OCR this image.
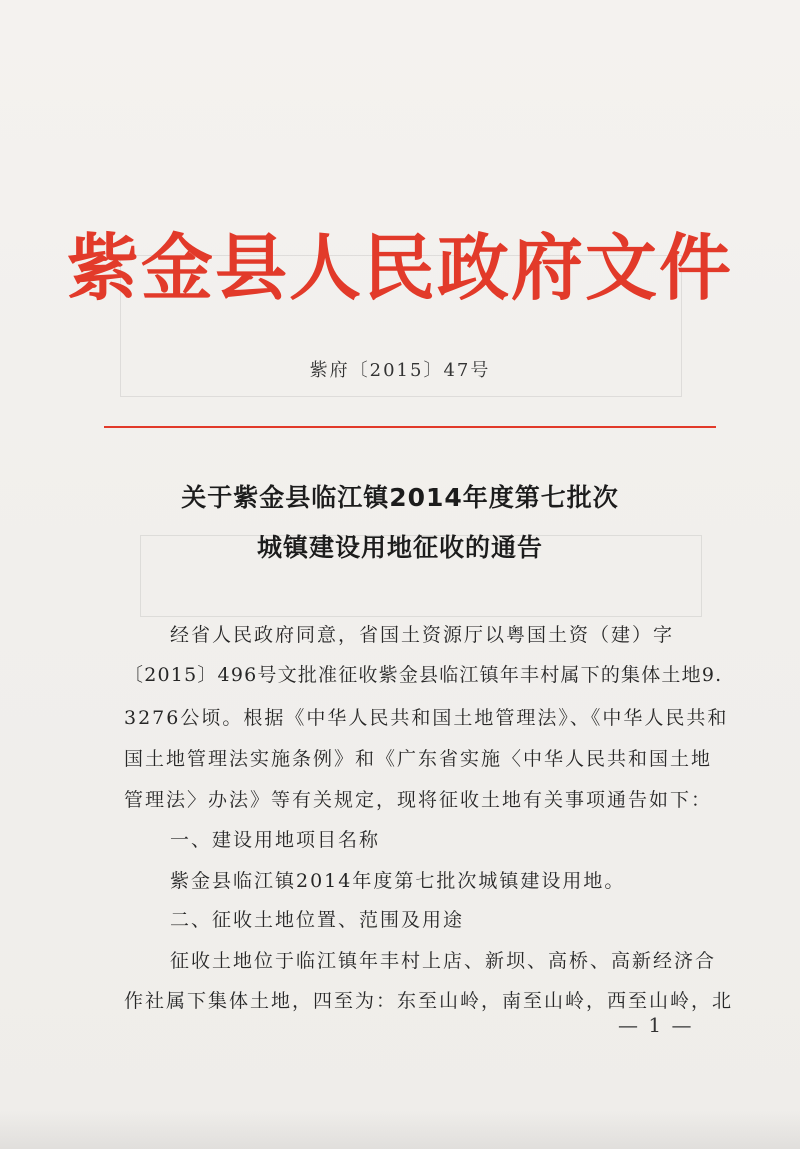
紫金县人民政府文件
紫府〔2015〕47号
关于紫金县临江镇2014年度第七批次
城镇建设用地征收的通告
经省人民政府同意，省国土资源厅以粤国土资（建）字
〔2015〕496号文批准征收紫金县临江镇年丰村属下的集体土地9.
3276公顷。根据《中华人民共和国土地管理法》、《中华人民共和
国土地管理法实施条例》和《广东省实施〈中华人民共和国土地
管理法〉办法》等有关规定，现将征收土地有关事项通告如下：
一、建设用地项目名称
紫金县临江镇2014年度第七批次城镇建设用地。
二、征收土地位置、范围及用途
征收土地位于临江镇年丰村上店、新坝、高桥、高新经济合
作社属下集体土地，四至为：东至山岭，南至山岭，西至山岭，北
— 1 —
